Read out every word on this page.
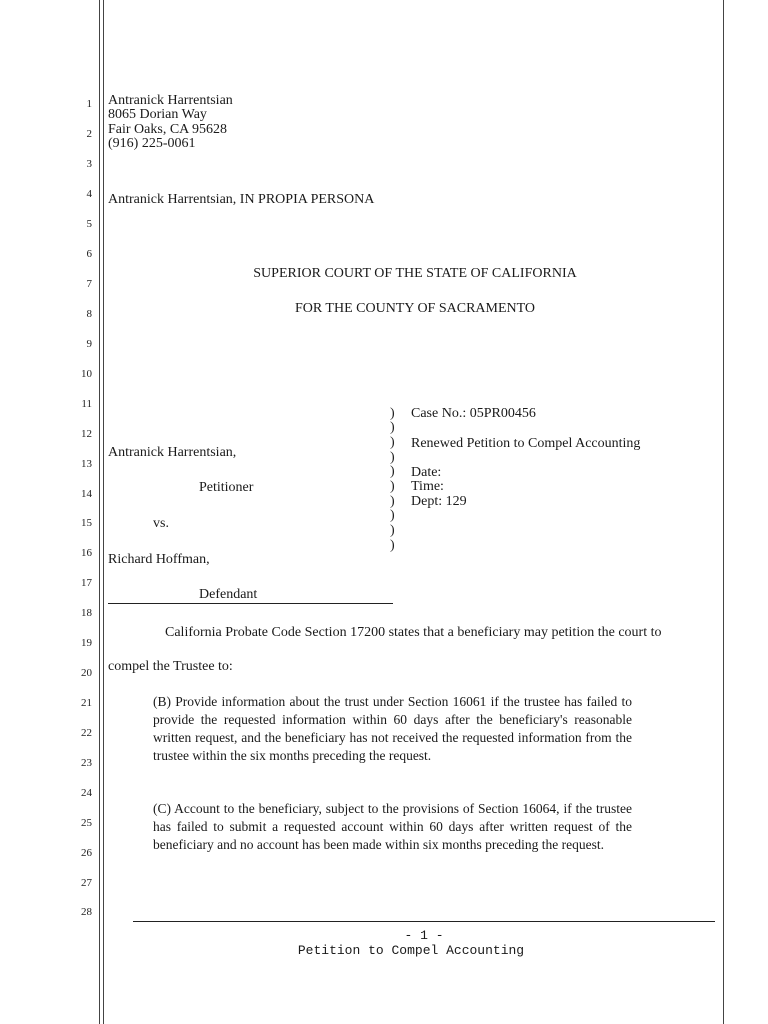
1
2
3
4
5
6
7
8
9
10
11
12
13
14
15
16
17
18
19
20
21
22
23
24
25
26
27
28
Antranick Harrentsian
8065 Dorian Way
Fair Oaks, CA 95628
(916) 225-0061
Antranick Harrentsian, IN PROPIA PERSONA
SUPERIOR COURT OF THE STATE OF CALIFORNIA
FOR THE COUNTY OF SACRAMENTO
Antranick Harrentsian,
Petitioner
vs.
Richard Hoffman,
Defendant
)
)
)
)
)
)
)
)
)
)
Case No.: 05PR00456
Renewed Petition to Compel Accounting
Date:
Time:
Dept: 129
California Probate Code Section 17200 states that a beneficiary may petition the court to
compel the Trustee to:
(B) Provide information about the trust under Section 16061 if the trustee has failed to provide the requested information within 60 days after the beneficiary's reasonable written request, and the beneficiary has not received the requested information from the trustee within the six months preceding the request.
(C) Account to the beneficiary, subject to the provisions of Section 16064, if the trustee has failed to submit a requested account within 60 days after written request of the beneficiary and no account has been made within six months preceding the request.
- 1 -
Petition to Compel Accounting
